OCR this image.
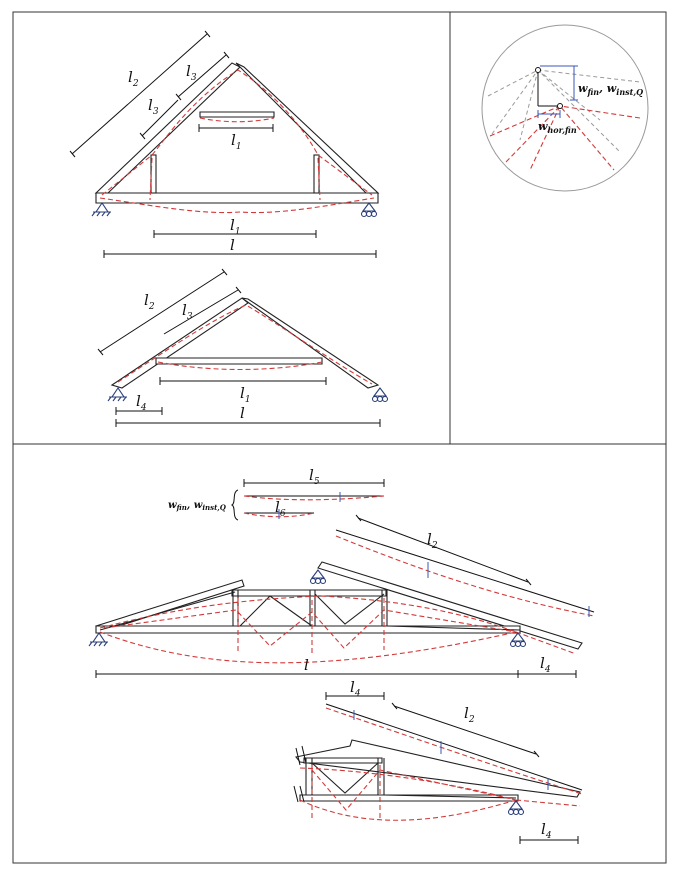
$l_2$
$l_3$
$l_3$
$l_1$
$l_1$
l
$l_2$ $l_3$
$l_1$
$l_4$	l
$w_{fin}$, $w_{inst,Q}$
$w_{hor,fin}$
l	$l_4$
$l_5$
$l_6$
$w_{fin}$, $w_{inst,Q}$
$l_2$
$l_4$
$l_2$
$l_4$
